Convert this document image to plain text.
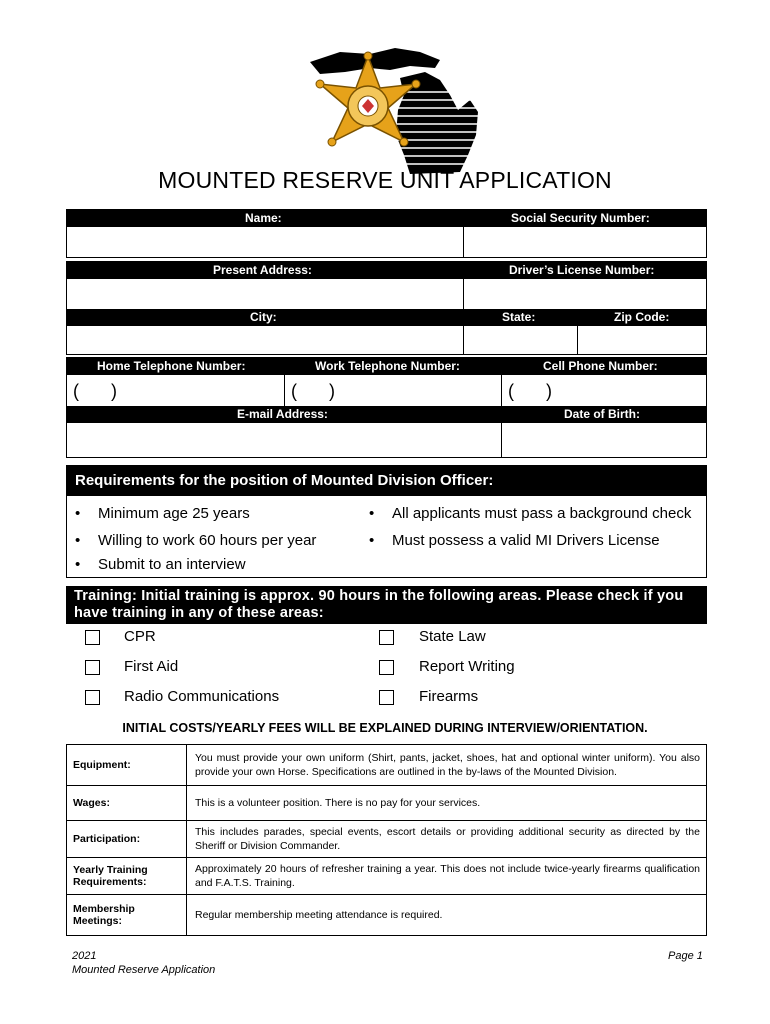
MOUNTED RESERVE UNIT APPLICATION
Name:	Social Security Number:
Present Address:	Driver’s License Number:
City:	State:	Zip Code:
Home Telephone Number:	Work Telephone Number:	Cell Phone Number:
( )	( )	( )
E-mail Address:	Date of Birth:
Requirements for the position of Mounted Division Officer:
• Minimum age 25 years
• Willing to work 60 hours per year
• Submit to an interview
• All applicants must pass a background check
• Must possess a valid MI Drivers License
Training: Initial training is approx. 90 hours in the following areas. Please check if you
have training in any of these areas:
CPR
First Aid
Radio Communications
State Law
Report Writing
Firearms
INITIAL COSTS/YEARLY FEES WILL BE EXPLAINED DURING INTERVIEW/ORIENTATION.
Equipment:	You must provide your own uniform (Shirt, pants, jacket, shoes, hat and optional winter uniform). You also provide your own Horse. Specifications are outlined in the by-laws of the Mounted Division.
Wages:	This is a volunteer position. There is no pay for your services.
Participation:	This includes parades, special events, escort details or providing additional security as directed by the Sheriff or Division Commander.
Yearly Training Requirements:	Approximately 20 hours of refresher training a year. This does not include twice-yearly firearms qualification and F.A.T.S. Training.
Membership Meetings:	Regular membership meeting attendance is required.
2021
Mounted Reserve Application
Page 1
